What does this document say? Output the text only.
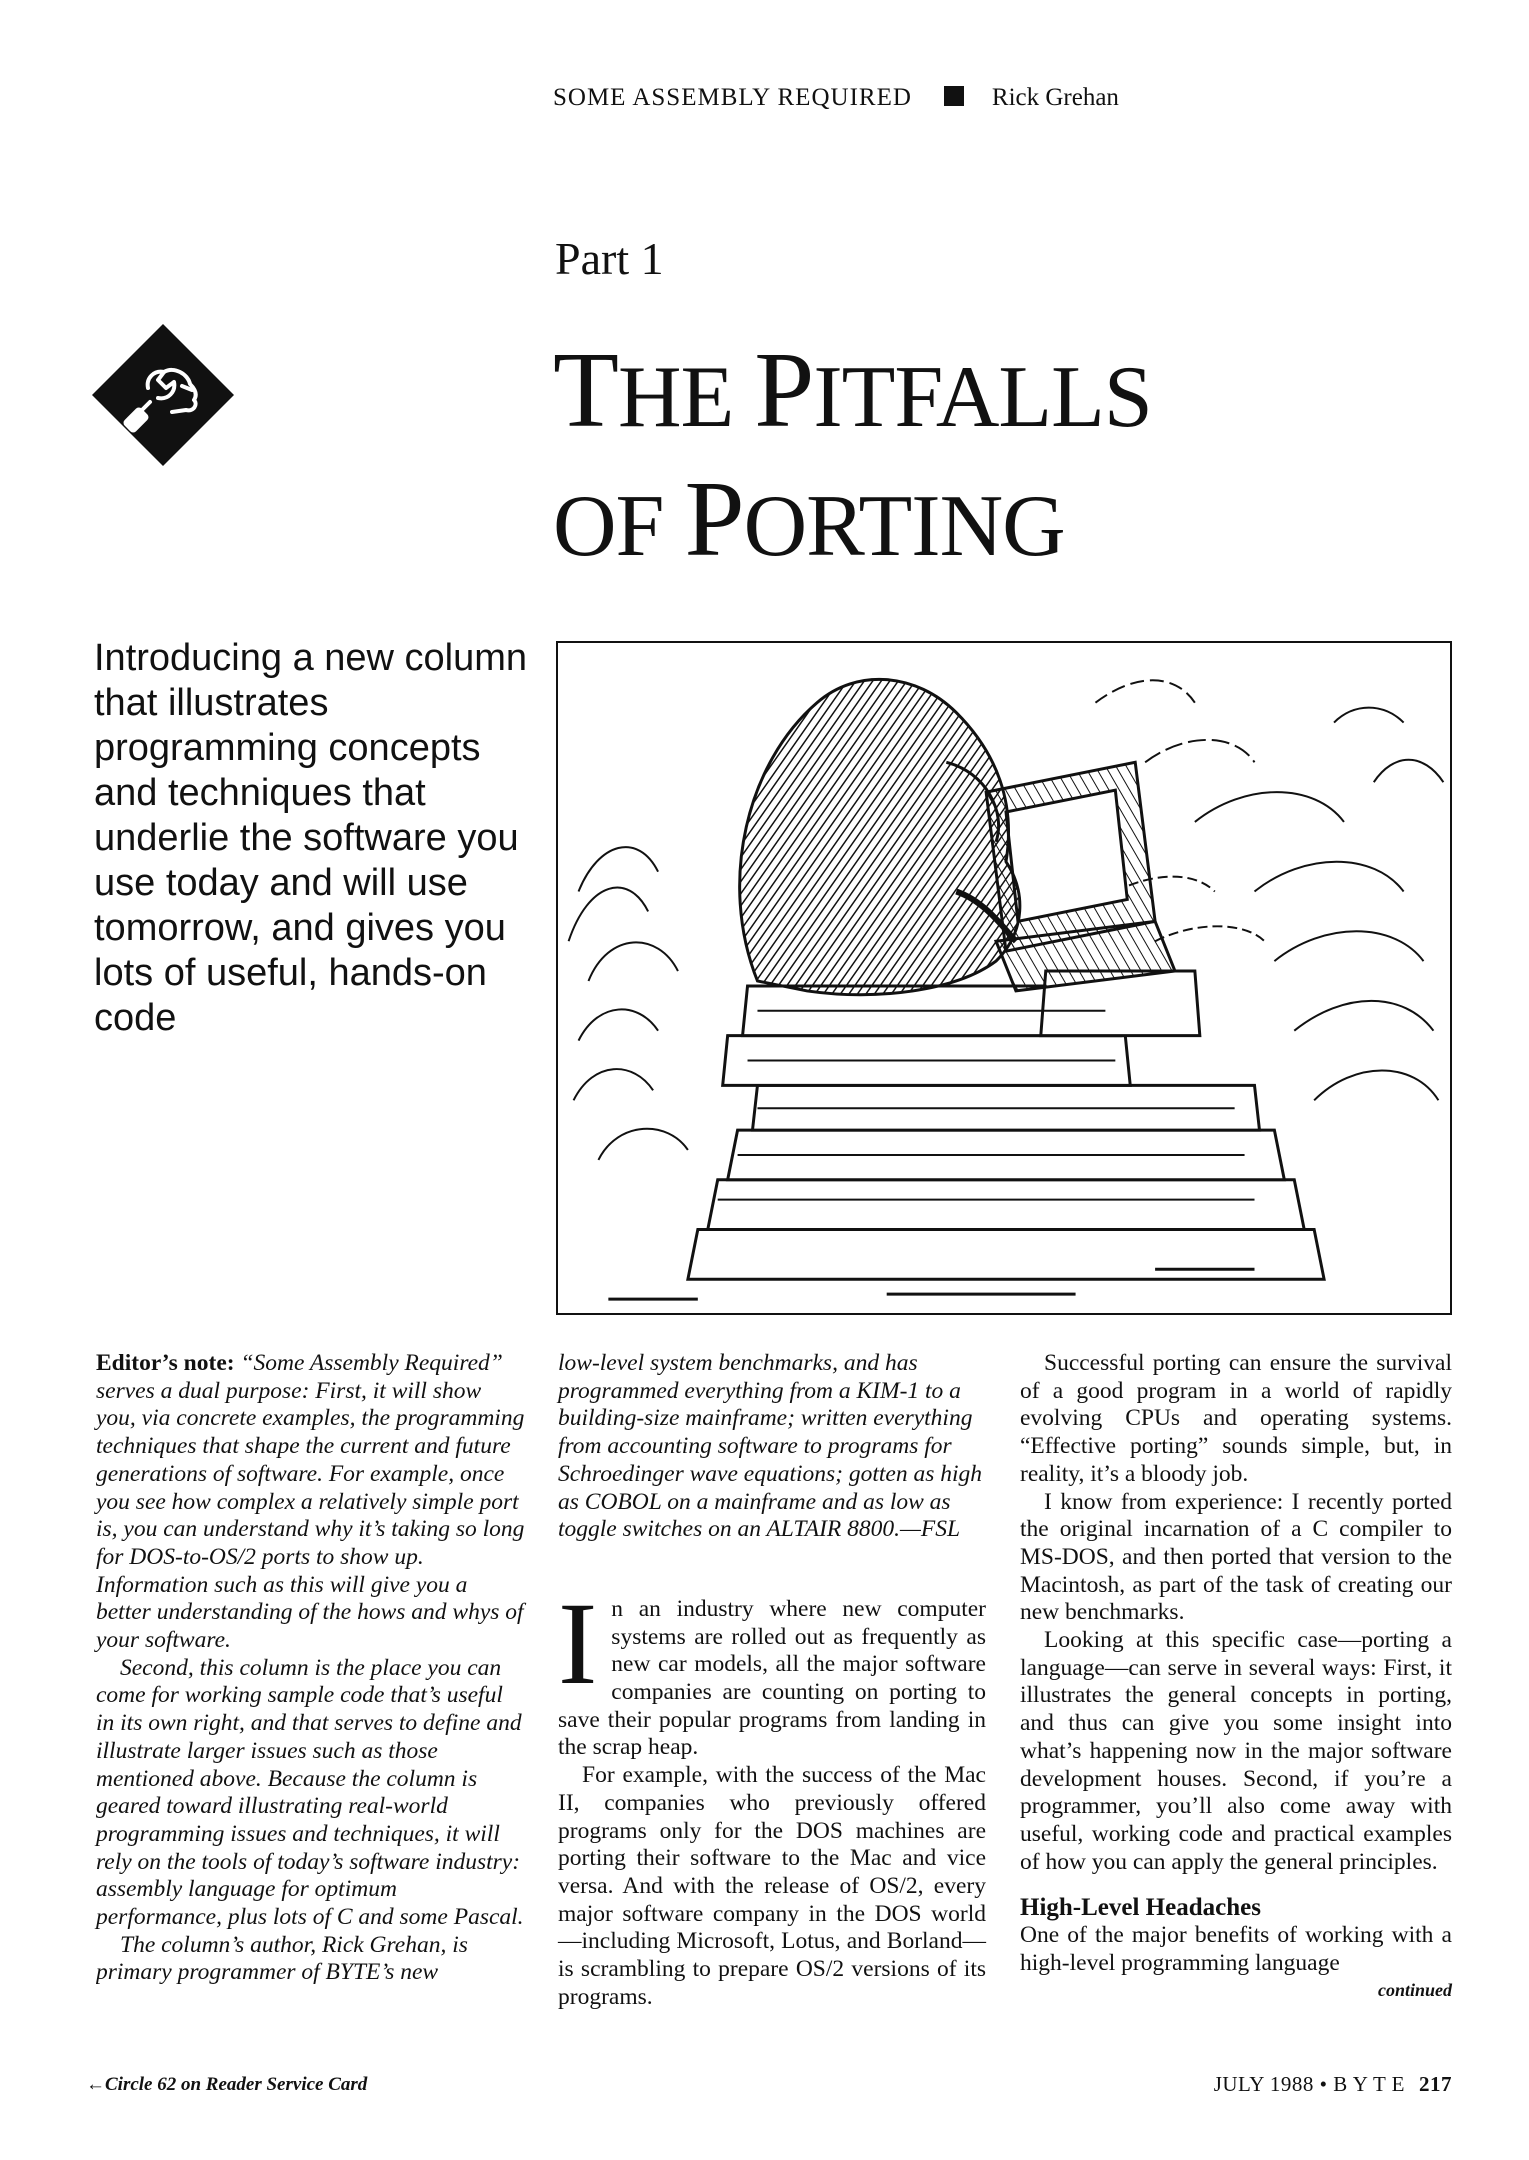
SOME ASSEMBLY REQUIRED	Rick Grehan
Part 1
THE PITFALLS
OF PORTING
Introducing a new column that illustrates programming concepts and techniques that underlie the software you use today and will use tomorrow, and gives you lots of useful, hands-on code

Editor’s note: “Some Assembly Required” serves a dual purpose: First, it will show you, via concrete examples, the programming techniques that shape the current and future generations of software. For example, once you see how complex a relatively simple port is, you can understand why it’s taking so long for DOS-to-OS/2 ports to show up. Information such as this will give you a better understanding of the hows and whys of your software.

Second, this column is the place you can come for working sample code that’s useful in its own right, and that serves to define and illustrate larger issues such as those mentioned above. Because the column is geared toward illustrating real-world programming issues and techniques, it will rely on the tools of today’s software industry: assembly language for optimum performance, plus lots of C and some Pascal.

The column’s author, Rick Grehan, is primary programmer of BYTE’s new

low-level system benchmarks, and has programmed everything from a KIM-1 to a building-size mainframe; written everything from accounting software to programs for Schroedinger wave equations; gotten as high as COBOL on a mainframe and as low as toggle switches on an ALTAIR 8800.—FSL

In an industry where new computer systems are rolled out as frequently as new car models, all the major software companies are counting on porting to save their popular programs from landing in the scrap heap.

For example, with the success of the Mac II, companies who previously offered programs only for the DOS machines are porting their software to the Mac and vice versa. And with the release of OS/2, every major software company in the DOS world—including Microsoft, Lotus, and Borland—is scrambling to prepare OS/2 versions of its programs.

Successful porting can ensure the survival of a good program in a world of rapidly evolving CPUs and operating systems. “Effective porting” sounds simple, but, in reality, it’s a bloody job.

I know from experience: I recently ported the original incarnation of a C compiler to MS-DOS, and then ported that version to the Macintosh, as part of the task of creating our new benchmarks.

Looking at this specific case—porting a language—can serve in several ways: First, it illustrates the general concepts in porting, and thus can give you some insight into what’s happening now in the major software development houses. Second, if you’re a programmer, you’ll also come away with useful, working code and practical examples of how you can apply the general principles.

High-Level Headaches

One of the major benefits of working with a high-level programming language

continued

←Circle 62 on Reader Service Card	JULY 1988 • B Y T E 217
